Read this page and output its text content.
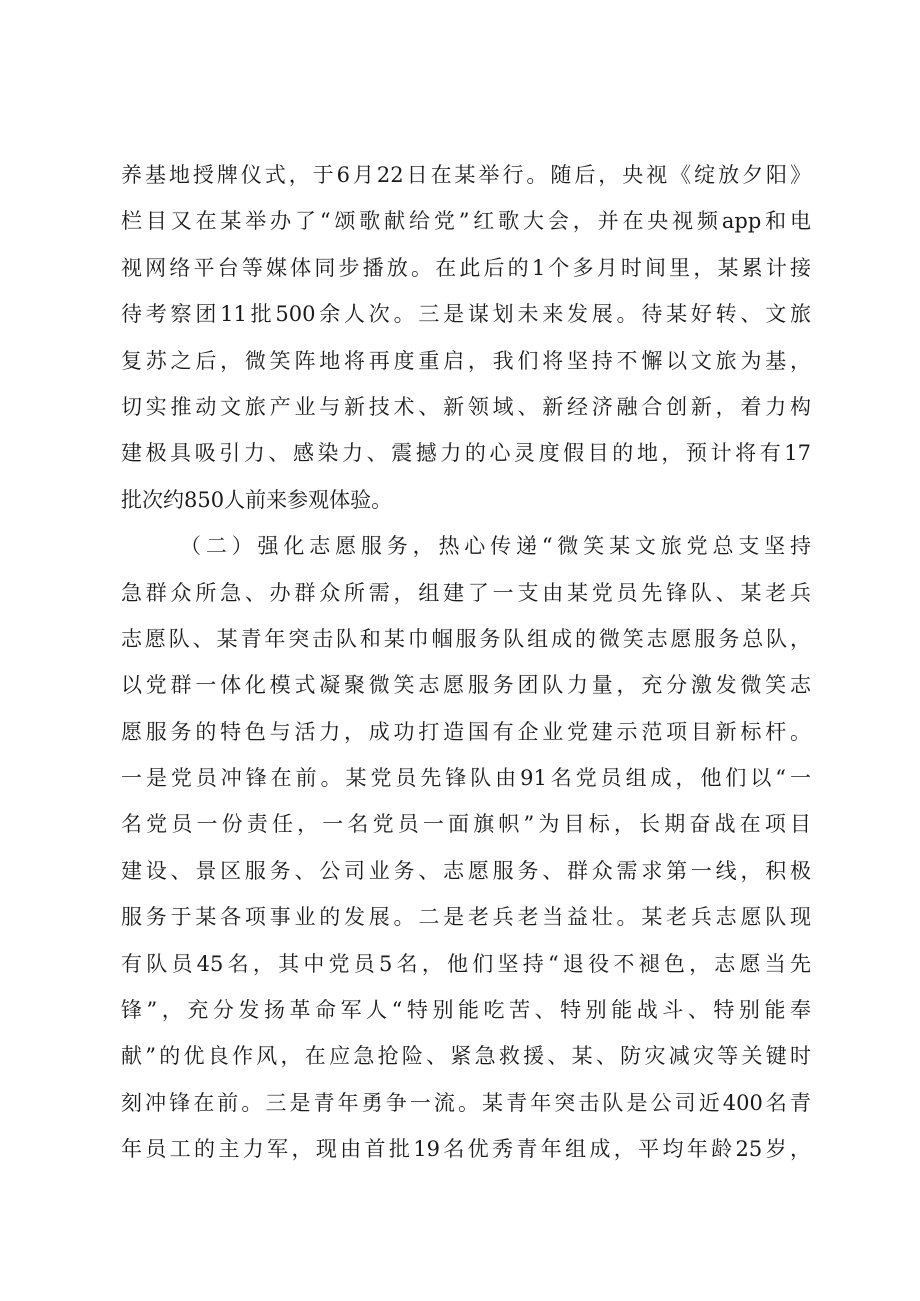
养基地授牌仪式，于6月22日在某举行。随后，央视《绽放夕阳》
栏目又在某举办了“颂歌献给党”红歌大会，并在央视频app和电
视网络平台等媒体同步播放。在此后的1个多月时间里，某累计接
待考察团11批500余人次。三是谋划未来发展。待某好转、文旅
复苏之后，微笑阵地将再度重启，我们将坚持不懈以文旅为基，
切实推动文旅产业与新技术、新领域、新经济融合创新，着力构
建极具吸引力、感染力、震撼力的心灵度假目的地，预计将有17
批次约850人前来参观体验。
（二）强化志愿服务，热心传递“微笑某文旅党总支坚持
急群众所急、办群众所需，组建了一支由某党员先锋队、某老兵
志愿队、某青年突击队和某巾帼服务队组成的微笑志愿服务总队，
以党群一体化模式凝聚微笑志愿服务团队力量，充分激发微笑志
愿服务的特色与活力，成功打造国有企业党建示范项目新标杆。
一是党员冲锋在前。某党员先锋队由91名党员组成，他们以“一
名党员一份责任，一名党员一面旗帜”为目标，长期奋战在项目
建设、景区服务、公司业务、志愿服务、群众需求第一线，积极
服务于某各项事业的发展。二是老兵老当益壮。某老兵志愿队现
有队员45名，其中党员5名，他们坚持“退役不褪色，志愿当先
锋”，充分发扬革命军人“特别能吃苦、特别能战斗、特别能奉
献”的优良作风，在应急抢险、紧急救援、某、防灾减灾等关键时
刻冲锋在前。三是青年勇争一流。某青年突击队是公司近400名青
年员工的主力军，现由首批19名优秀青年组成，平均年龄25岁，
